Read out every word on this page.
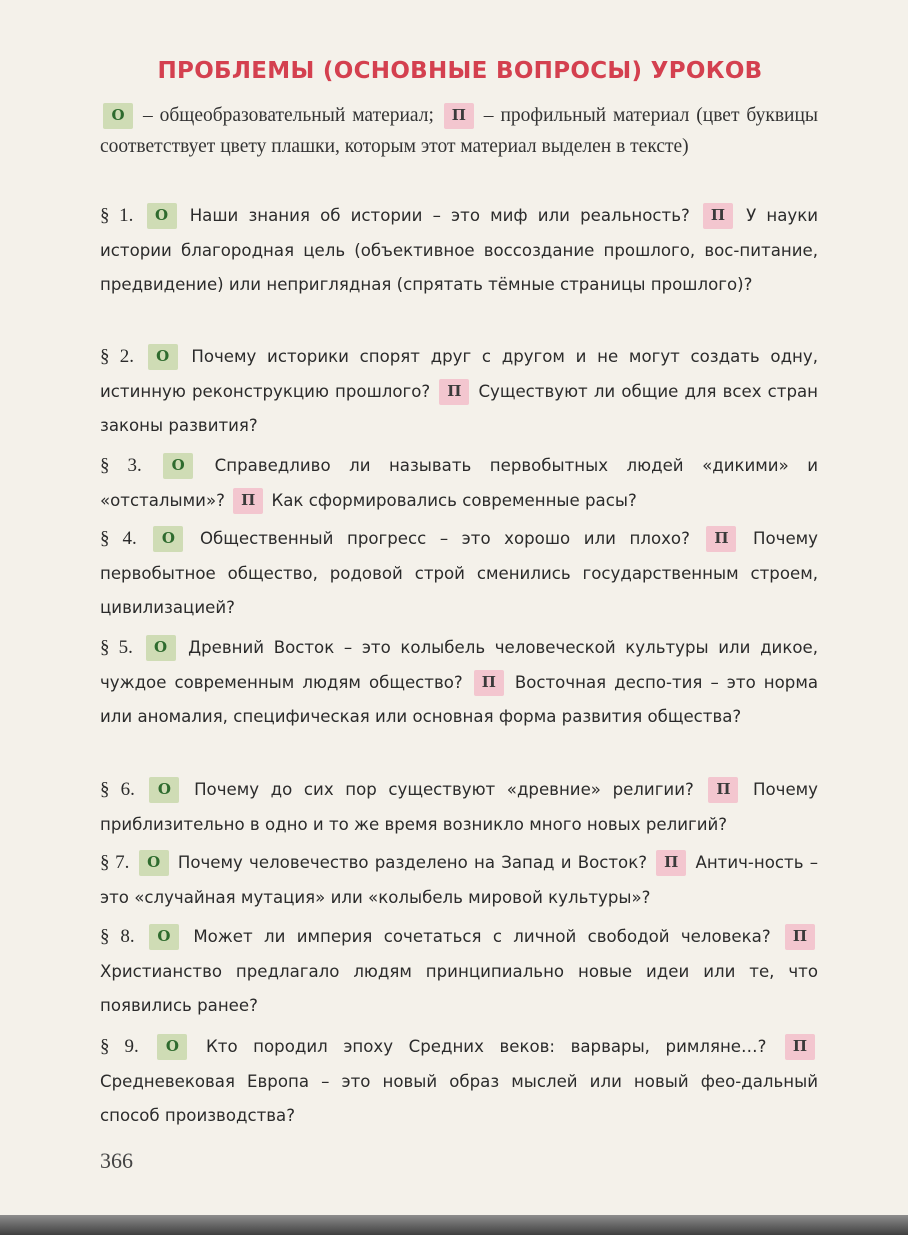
ПРОБЛЕМЫ (ОСНОВНЫЕ ВОПРОСЫ) УРОКОВ
О – общеобразовательный материал; П – профильный материал (цвет буквицы соответствует цвету плашки, которым этот материал выделен в тексте)
§ 1. О Наши знания об истории – это миф или реальность? П У науки истории благородная цель (объективное воссоздание прошлого, вос-питание, предвидение) или неприглядная (спрятать тёмные страницы прошлого)?
§ 2. О Почему историки спорят друг с другом и не могут создать одну, истинную реконструкцию прошлого? П Существуют ли общие для всех стран законы развития?
§ 3. О Справедливо ли называть первобытных людей «дикими» и «отсталыми»? П Как сформировались современные расы?
§ 4. О Общественный прогресс – это хорошо или плохо? П Почему первобытное общество, родовой строй сменились государственным строем, цивилизацией?
§ 5. О Древний Восток – это колыбель человеческой культуры или дикое, чуждое современным людям общество? П Восточная деспо-тия – это норма или аномалия, специфическая или основная форма развития общества?
§ 6. О Почему до сих пор существуют «древние» религии? П Почему приблизительно в одно и то же время возникло много новых религий?
§ 7. О Почему человечество разделено на Запад и Восток? П Антич-ность – это «случайная мутация» или «колыбель мировой культуры»?
§ 8. О Может ли империя сочетаться с личной свободой человека? П Христианство предлагало людям принципиально новые идеи или те, что появились ранее?
§ 9. О Кто породил эпоху Средних веков: варвары, римляне…? П Средневековая Европа – это новый образ мыслей или новый фео-дальный способ производства?
366
